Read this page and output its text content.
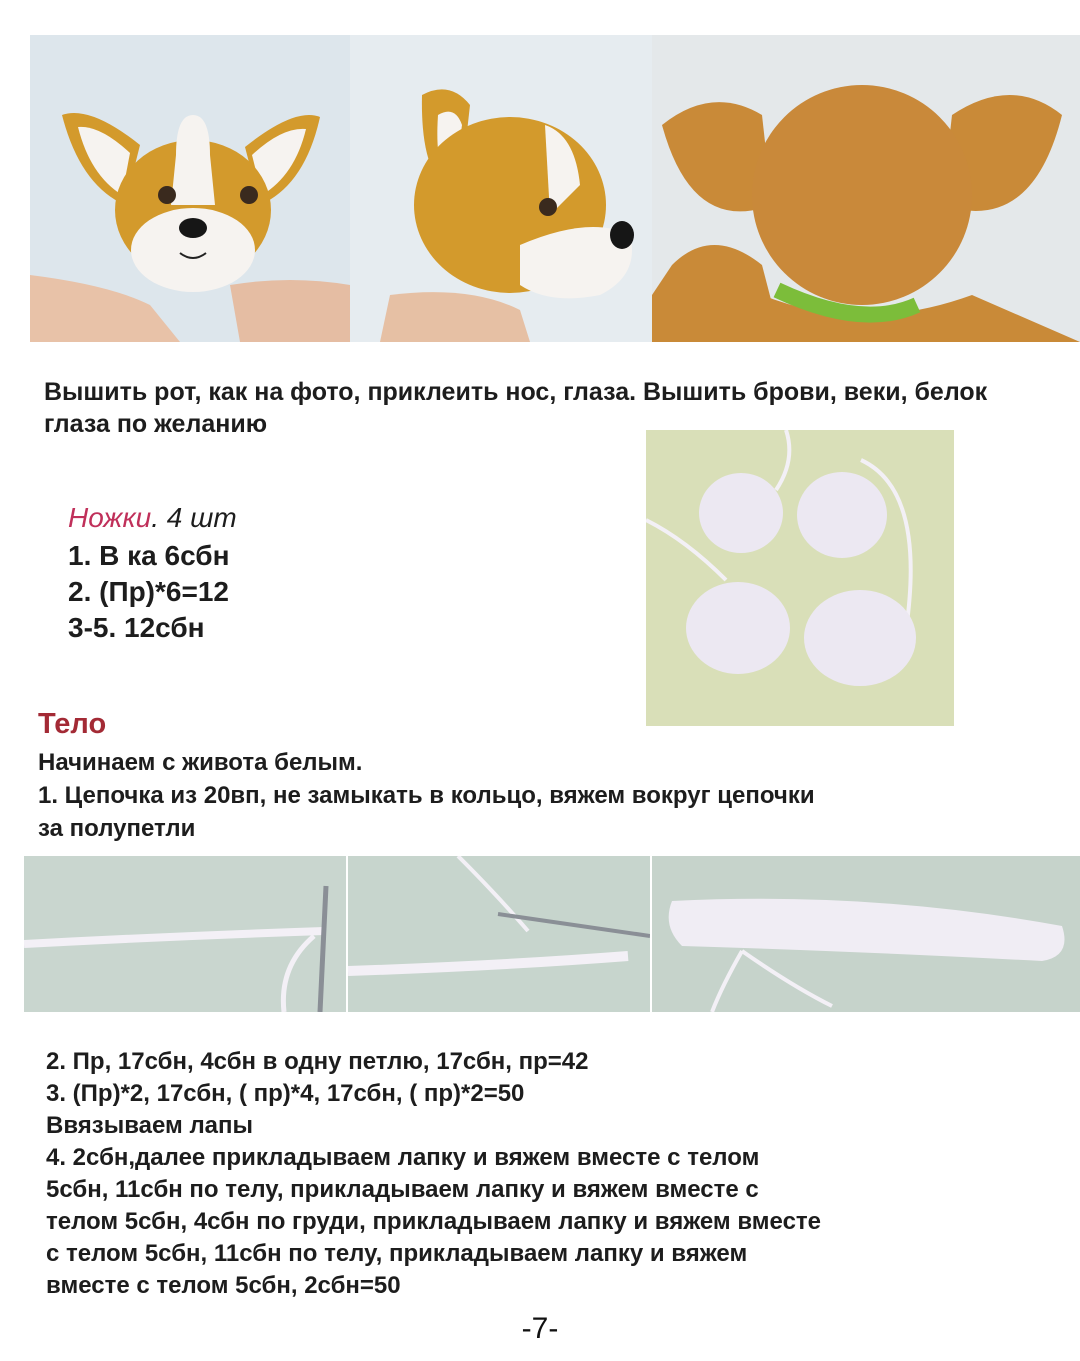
Вышить рот, как на фото, приклеить нос, глаза. Вышить брови, веки, белок глаза по желанию
Ножки. 4 шт
1. В ка 6сбн
2. (Пр)*6=12
3-5. 12сбн
Тело
Начинаем с живота белым.
1. Цепочка из 20вп, не замыкать в кольцо, вяжем вокруг цепочки
за полупетли
2. Пр, 17сбн, 4сбн в одну петлю, 17сбн, пр=42
3. (Пр)*2, 17сбн, ( пр)*4, 17сбн, ( пр)*2=50
Ввязываем лапы
4. 2сбн,далее прикладываем лапку и вяжем вместе с телом
5сбн, 11сбн по телу, прикладываем лапку и вяжем вместе с
телом 5сбн, 4сбн по груди, прикладываем лапку и вяжем вместе
с телом 5сбн, 11сбн по телу, прикладываем лапку и вяжем
вместе с телом 5сбн, 2сбн=50
-7-
